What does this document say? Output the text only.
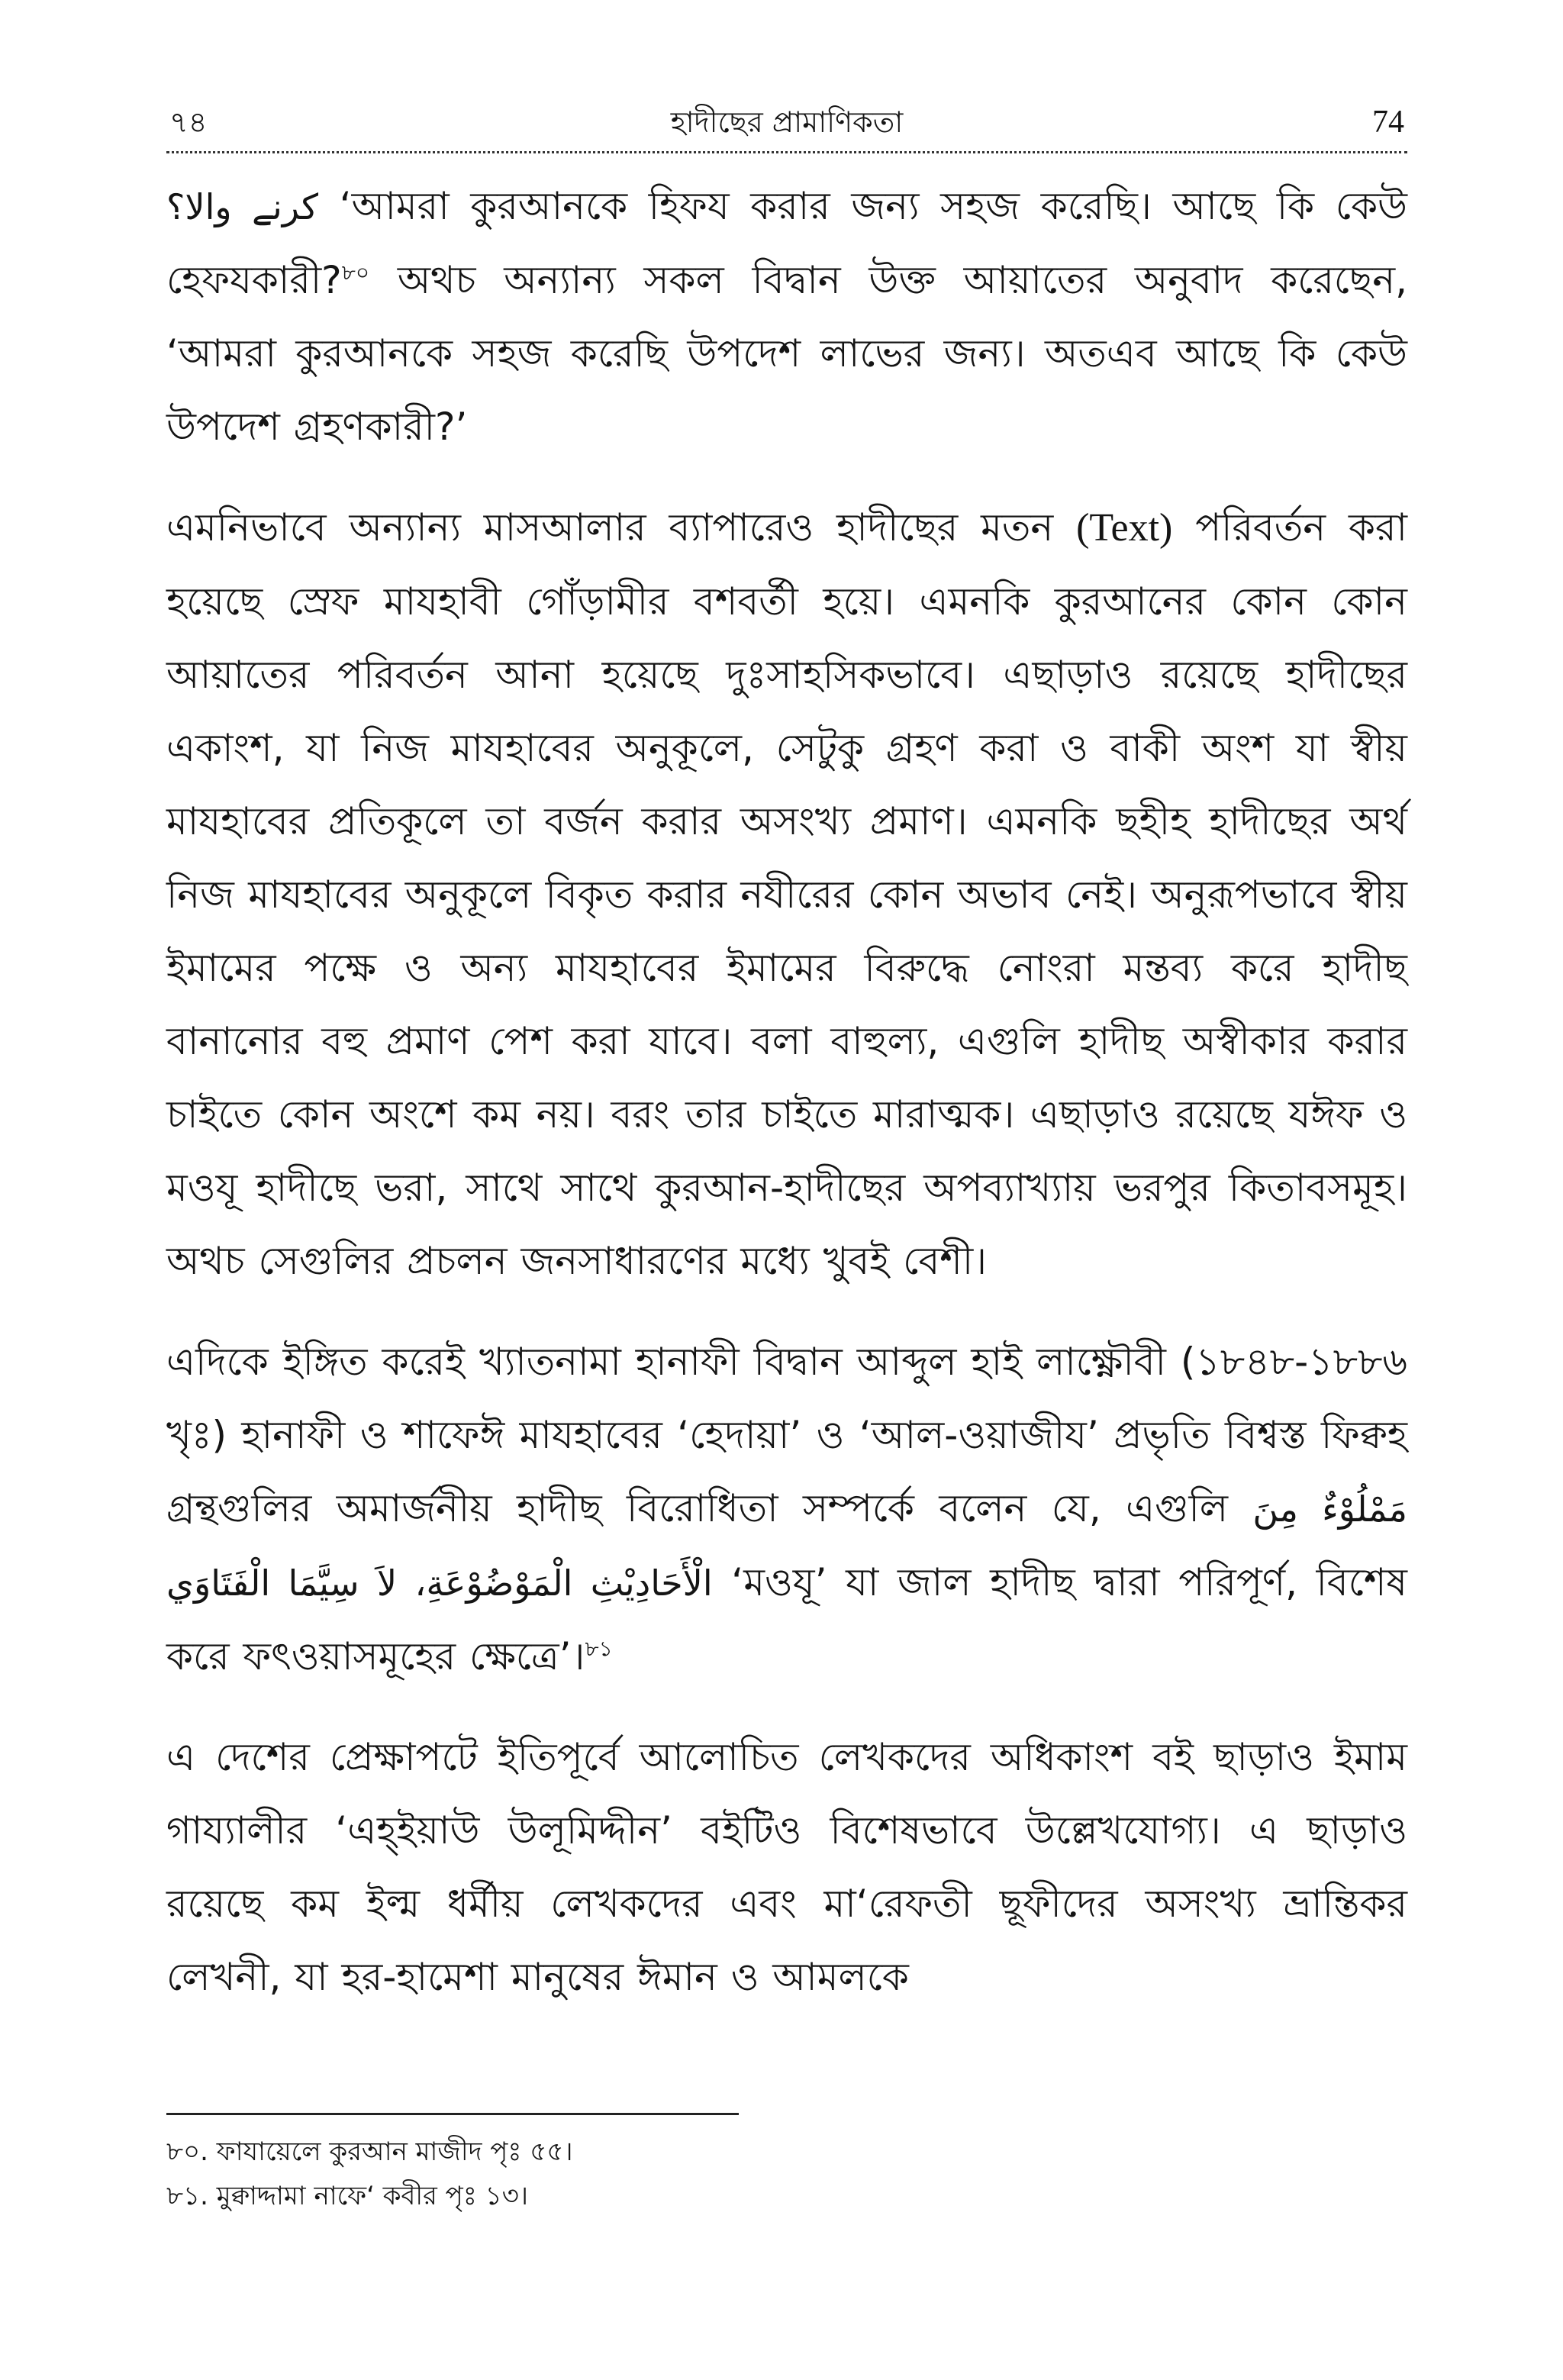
৭৪	হাদীছের প্রামাণিকতা	74

کرنے والا؟ ‘আমরা কুরআনকে হিফয করার জন্য সহজ করেছি। আছে কি কেউ হেফযকারী?$^{৮০}$ অথচ অন্যান্য সকল বিদ্বান উক্ত আয়াতের অনুবাদ করেছেন, ‘আমরা কুরআনকে সহজ করেছি উপদেশ লাভের জন্য। অতএব আছে কি কেউ উপদেশ গ্রহণকারী?’

এমনিভাবে অন্যান্য মাসআলার ব্যাপারেও হাদীছের মতন (Text) পরিবর্তন করা হয়েছে স্রেফ মাযহাবী গোঁড়ামীর বশবর্তী হয়ে। এমনকি কুরআনের কোন কোন আয়াতের পরিবর্তন আনা হয়েছে দুঃসাহসিকভাবে। এছাড়াও রয়েছে হাদীছের একাংশ, যা নিজ মাযহাবের অনুকূলে, সেটুকু গ্রহণ করা ও বাকী অংশ যা স্বীয় মাযহাবের প্রতিকূলে তা বর্জন করার অসংখ্য প্রমাণ। এমনকি ছহীহ হাদীছের অর্থ নিজ মাযহাবের অনুকূলে বিকৃত করার নযীরের কোন অভাব নেই। অনুরূপভাবে স্বীয় ইমামের পক্ষে ও অন্য মাযহাবের ইমামের বিরুদ্ধে নোংরা মন্তব্য করে হাদীছ বানানোর বহু প্রমাণ পেশ করা যাবে। বলা বাহুল্য, এগুলি হাদীছ অস্বীকার করার চাইতে কোন অংশে কম নয়। বরং তার চাইতে মারাত্মক। এছাড়াও রয়েছে যঈফ ও মওযূ হাদীছে ভরা, সাথে সাথে কুরআন-হাদীছের অপব্যাখ্যায় ভরপুর কিতাবসমূহ। অথচ সেগুলির প্রচলন জনসাধারণের মধ্যে খুবই বেশী।

এদিকে ইঙ্গিত করেই খ্যাতনামা হানাফী বিদ্বান আব্দুল হাই লাক্ষ্ণৌবী (১৮৪৮-১৮৮৬ খৃঃ) হানাফী ও শাফেঈ মাযহাবের ‘হেদায়া’ ও ‘আল-ওয়াজীয’ প্রভৃতি বিশ্বস্ত ফিক্বহ গ্রন্থগুলির অমার্জনীয় হাদীছ বিরোধিতা সম্পর্কে বলেন যে, এগুলি مَمْلُوْءٌ مِنَ الْأَحَادِيْثِ الْمَوْضُوْعَةِ، لاَ سِيَّمَا الْفَتَاوَي ‘মওযূ’ যা জাল হাদীছ দ্বারা পরিপূর্ণ, বিশেষ করে ফৎওয়াসমূহের ক্ষেত্রে’।$^{৮১}$

এ দেশের প্রেক্ষাপটে ইতিপূর্বে আলোচিত লেখকদের অধিকাংশ বই ছাড়াও ইমাম গায্যালীর ‘এহ্ইয়াউ উলূমিদ্দীন’ বইটিও বিশেষভাবে উল্লেখযোগ্য। এ ছাড়াও রয়েছে কম ইল্ম ধর্মীয় লেখকদের এবং মা‘রেফতী ছূফীদের অসংখ্য ভ্রান্তিকর লেখনী, যা হর-হামেশা মানুষের ঈমান ও আমলকে

৮০. ফাযায়েলে কুরআন মাজীদ পৃঃ ৫৫।
৮১. মুক্বাদ্দামা নাফে‘ কবীর পৃঃ ১৩।
